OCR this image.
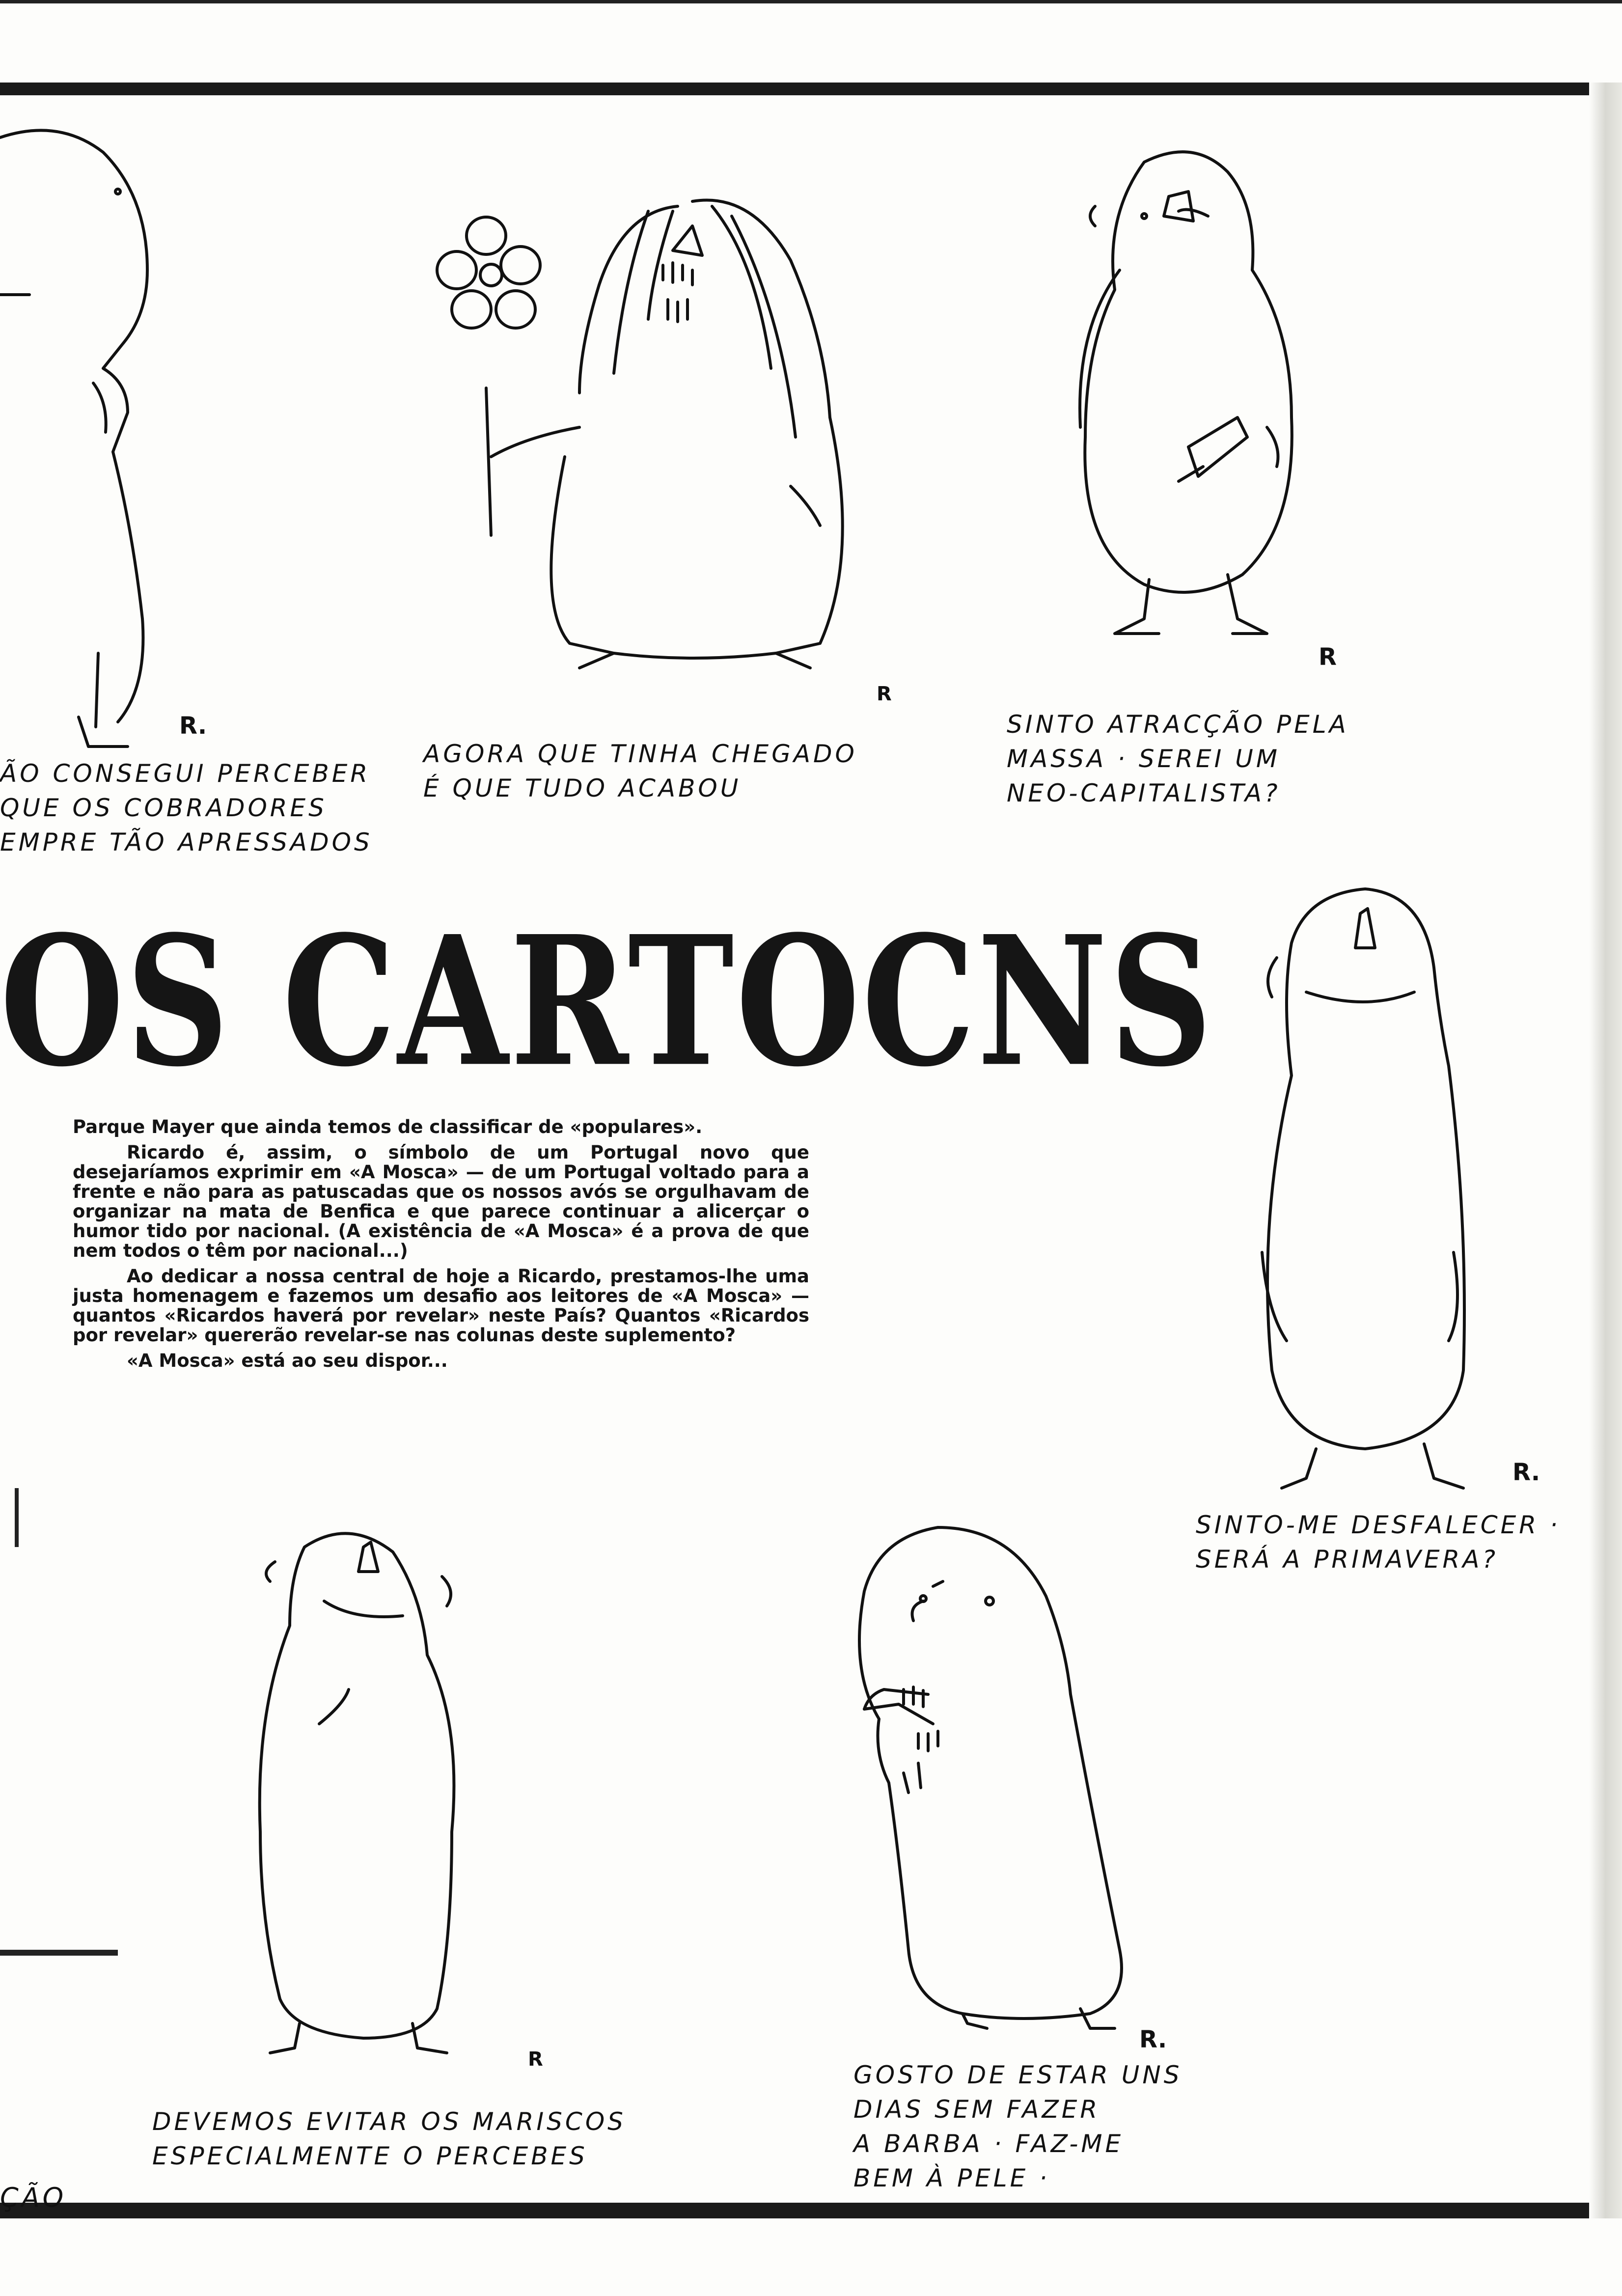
R.
ÃO CONSEGUI PERCEBER
QUE OS COBRADORES
EMPRE TÃO APRESSADOS
R
AGORA QUE TINHA CHEGADO
É QUE TUDO ACABOU
R
SINTO ATRACÇÃO PELA
MASSA · SEREI UM
NEO-CAPITALISTA?
OS CARTOCNS
R.
SINTO-ME DESFALECER ·
SERÁ A PRIMAVERA?

Parque Mayer que ainda temos de classificar de «populares».

Ricardo é, assim, o símbolo de um Portugal novo que desejaríamos exprimir em «A Mosca» — de um Portugal voltado para a frente e não para as patuscadas que os nossos avós se orgulhavam de organizar na mata de Benfica e que parece continuar a alicerçar o humor tido por nacional. (A existência de «A Mosca» é a prova de que nem todos o têm por nacional...)

Ao dedicar a nossa central de hoje a Ricardo, prestamos-lhe uma justa homenagem e fazemos um desafio aos leitores de «A Mosca» — quantos «Ricardos haverá por revelar» neste País? Quantos «Ricardos por revelar» quererão revelar-se nas colunas deste suplemento?

«A Mosca» está ao seu dispor...

R
DEVEMOS EVITAR OS MARISCOS
ESPECIALMENTE O PERCEBES
R.
GOSTO DE ESTAR UNS
DIAS SEM FAZER
A BARBA · FAZ-ME
BEM À PELE ·
ÇÃO
